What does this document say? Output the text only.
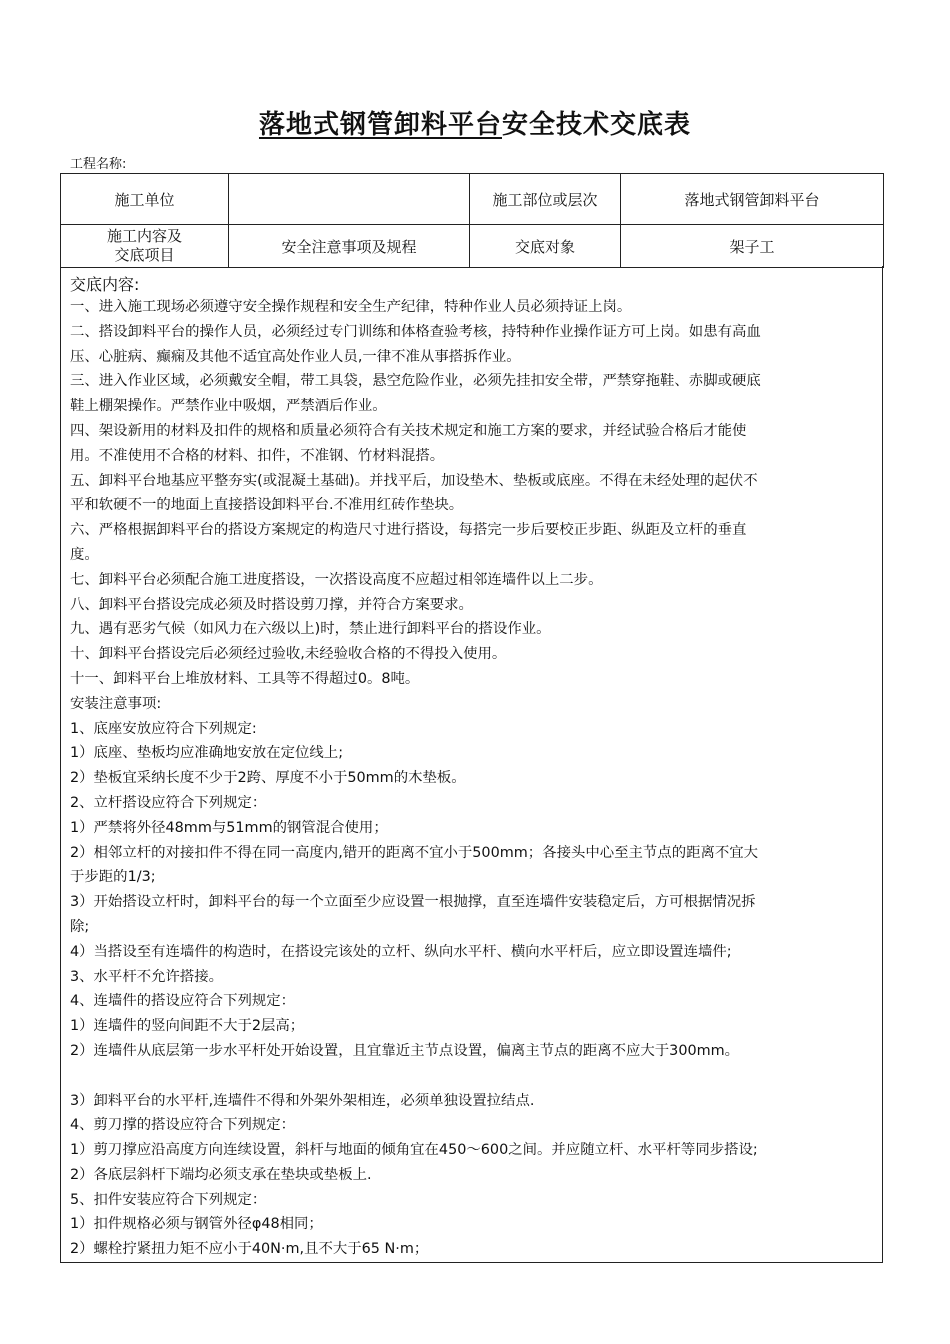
落地式钢管卸料平台安全技术交底表
工程名称:
施工单位		施工部位或层次	落地式钢管卸料平台

施工内容及
交底项目	安全注意事项及规程	交底对象	架子工
交底内容:
一、进入施工现场必须遵守安全操作规程和安全生产纪律，特种作业人员必须持证上岗。
二、搭设卸料平台的操作人员，必须经过专门训练和体格查验考核，持特种作业操作证方可上岗。如患有高血
压、心脏病、癫痫及其他不适宜高处作业人员,一律不准从事搭拆作业。
三、进入作业区域，必须戴安全帽，带工具袋，悬空危险作业，必须先挂扣安全带，严禁穿拖鞋、赤脚或硬底
鞋上棚架操作。严禁作业中吸烟，严禁酒后作业。
四、架设新用的材料及扣件的规格和质量必须符合有关技术规定和施工方案的要求，并经试验合格后才能使
用。不准使用不合格的材料、扣件，不准钢、竹材料混搭。
五、卸料平台地基应平整夯实(或混凝土基础)。并找平后，加设垫木、垫板或底座。不得在未经处理的起伏不
平和软硬不一的地面上直接搭设卸料平台.不准用红砖作垫块。
六、严格根据卸料平台的搭设方案规定的构造尺寸进行搭设，每搭完一步后要校正步距、纵距及立杆的垂直
度。
七、卸料平台必须配合施工进度搭设，一次搭设高度不应超过相邻连墙件以上二步。
八、卸料平台搭设完成必须及时搭设剪刀撑，并符合方案要求。
九、遇有恶劣气候（如风力在六级以上)时，禁止进行卸料平台的搭设作业。
十、卸料平台搭设完后必须经过验收,未经验收合格的不得投入使用。
十一、卸料平台上堆放材料、工具等不得超过0。8吨。
安装注意事项:
1、底座安放应符合下列规定:
1）底座、垫板均应准确地安放在定位线上;
2）垫板宜采纳长度不少于2跨、厚度不小于50mm的木垫板。
2、立杆搭设应符合下列规定：
1）严禁将外径48mm与51mm的钢管混合使用；
2）相邻立杆的对接扣件不得在同一高度内,错开的距离不宜小于500mm；各接头中心至主节点的距离不宜大
于步距的1/3;
3）开始搭设立杆时，卸料平台的每一个立面至少应设置一根抛撑，直至连墙件安装稳定后，方可根据情况拆
除;
4）当搭设至有连墙件的构造时，在搭设完该处的立杆、纵向水平杆、横向水平杆后，应立即设置连墙件;
3、水平杆不允许搭接。
4、连墙件的搭设应符合下列规定：
1）连墙件的竖向间距不大于2层高；
2）连墙件从底层第一步水平杆处开始设置，且宜靠近主节点设置，偏离主节点的距离不应大于300mm。
3）卸料平台的水平杆,连墙件不得和外架外架相连，必须单独设置拉结点.
4、剪刀撑的搭设应符合下列规定：
1）剪刀撑应沿高度方向连续设置，斜杆与地面的倾角宜在450～600之间。并应随立杆、水平杆等同步搭设;
2）各底层斜杆下端均必须支承在垫块或垫板上.
5、扣件安装应符合下列规定：
1）扣件规格必须与钢管外径φ48相同；
2）螺栓拧紧扭力矩不应小于40N·m,且不大于65 N·m；
